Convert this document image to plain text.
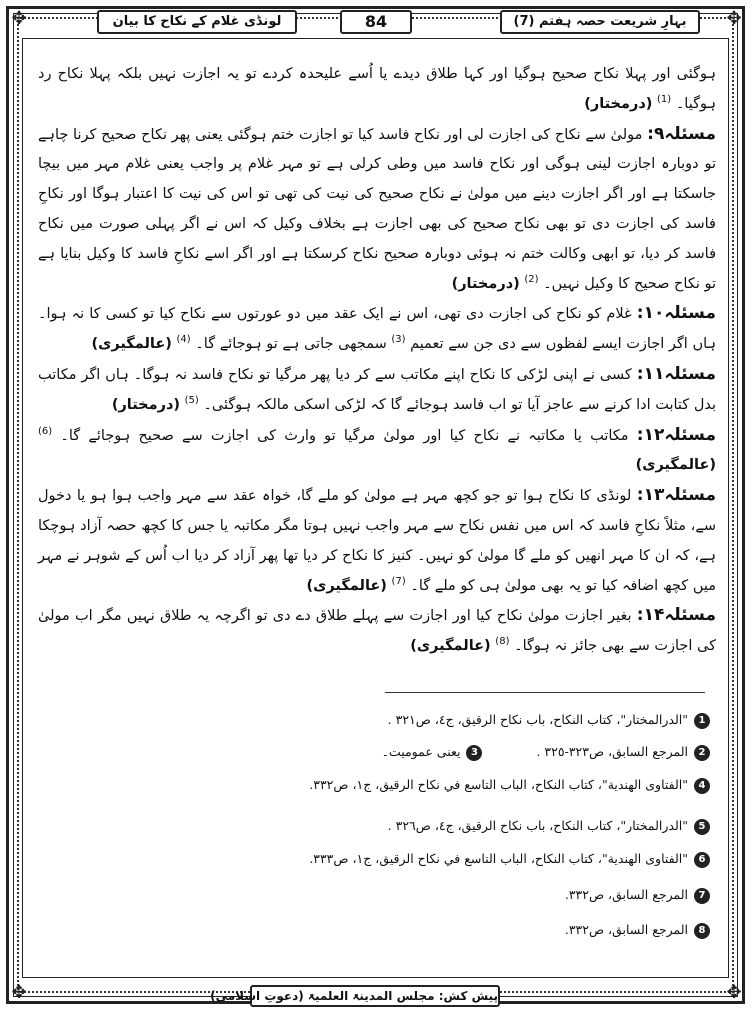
✥	✥
✥	✥
لونڈی غلام کے نکاح کا بیان	84	بہارِ شریعت حصہ ہفتم (7)

ہوگئی اور پہلا نکاح صحیح ہوگیا اور کہا طلاق دیدے یا اُسے علیحدہ کردے تو یہ اجازت نہیں بلکہ پہلا نکاح رد ہوگیا۔ $^{(1)}$ (درمختار)

مسئلہ۹: مولیٰ سے نکاح کی اجازت لی اور نکاح فاسد کیا تو اجازت ختم ہوگئی یعنی پھر نکاح صحیح کرنا چاہے تو دوبارہ اجازت لینی ہوگی اور نکاح فاسد میں وطی کرلی ہے تو مہر غلام پر واجب یعنی غلام مہر میں بیچا جاسکتا ہے اور اگر اجازت دینے میں مولیٰ نے نکاح صحیح کی نیت کی تھی تو اس کی نیت کا اعتبار ہوگا اور نکاحِ فاسد کی اجازت دی تو بھی نکاح صحیح کی بھی اجازت ہے بخلاف وکیل کہ اس نے اگر پہلی صورت میں نکاح فاسد کر دیا، تو ابھی وکالت ختم نہ ہوئی دوبارہ صحیح نکاح کرسکتا ہے اور اگر اسے نکاحِ فاسد کا وکیل بنایا ہے تو نکاح صحیح کا وکیل نہیں۔ $^{(2)}$ (درمختار)

مسئلہ۱۰: غلام کو نکاح کی اجازت دی تھی، اس نے ایک عقد میں دو عورتوں سے نکاح کیا تو کسی کا نہ ہوا۔ ہاں اگر اجازت ایسے لفظوں سے دی جن سے تعمیم $^{(3)}$ سمجھی جاتی ہے تو ہوجائے گا۔ $^{(4)}$ (عالمگیری)

مسئلہ۱۱: کسی نے اپنی لڑکی کا نکاح اپنے مکاتب سے کر دیا پھر مرگیا تو نکاح فاسد نہ ہوگا۔ ہاں اگر مکاتب بدل کتابت ادا کرنے سے عاجز آیا تو اب فاسد ہوجائے گا کہ لڑکی اسکی مالکہ ہوگئی۔ $^{(5)}$ (درمختار)

مسئلہ۱۲: مکاتب یا مکاتبہ نے نکاح کیا اور مولیٰ مرگیا تو وارث کی اجازت سے صحیح ہوجائے گا۔ $^{(6)}$ (عالمگیری)

مسئلہ۱۳: لونڈی کا نکاح ہوا تو جو کچھ مہر ہے مولیٰ کو ملے گا، خواہ عقد سے مہر واجب ہوا ہو یا دخول سے، مثلاً نکاحِ فاسد کہ اس میں نفس نکاح سے مہر واجب نہیں ہوتا مگر مکاتبہ یا جس کا کچھ حصہ آزاد ہوچکا ہے، کہ ان کا مہر انھیں کو ملے گا مولیٰ کو نہیں۔ کنیز کا نکاح کر دیا تھا پھر آزاد کر دیا اب اُس کے شوہر نے مہر میں کچھ اضافہ کیا تو یہ بھی مولیٰ ہی کو ملے گا۔ $^{(7)}$ (عالمگیری)

مسئلہ۱۴: بغیر اجازت مولیٰ نکاح کیا اور اجازت سے پہلے طلاق دے دی تو اگرچہ یہ طلاق نہیں مگر اب مولیٰ کی اجازت سے بھی جائز نہ ہوگا۔ $^{(8)}$ (عالمگیری)

1"الدرالمختار"، كتاب النكاح، باب نكاح الرقيق، ج٤، ص٣٢١ .
2المرجع السابق، ص٣٢٣-٣٢٥ . 3يعنى عموميت۔
4"الفتاوى الهندية"، كتاب النكاح، الباب التاسع في نكاح الرقيق، ج١، ص٣٣٢.
5"الدرالمختار"، كتاب النكاح، باب نكاح الرقيق، ج٤، ص٣٢٦ .
6"الفتاوى الهندية"، كتاب النكاح، الباب التاسع في نكاح الرقيق، ج١، ص٣٣٣.
7المرجع السابق، ص٣٣٢.
8المرجع السابق، ص٣٣٢.
پیش کش: مجلس المدینۃ العلمیۃ (دعوتِ اسلامی)
